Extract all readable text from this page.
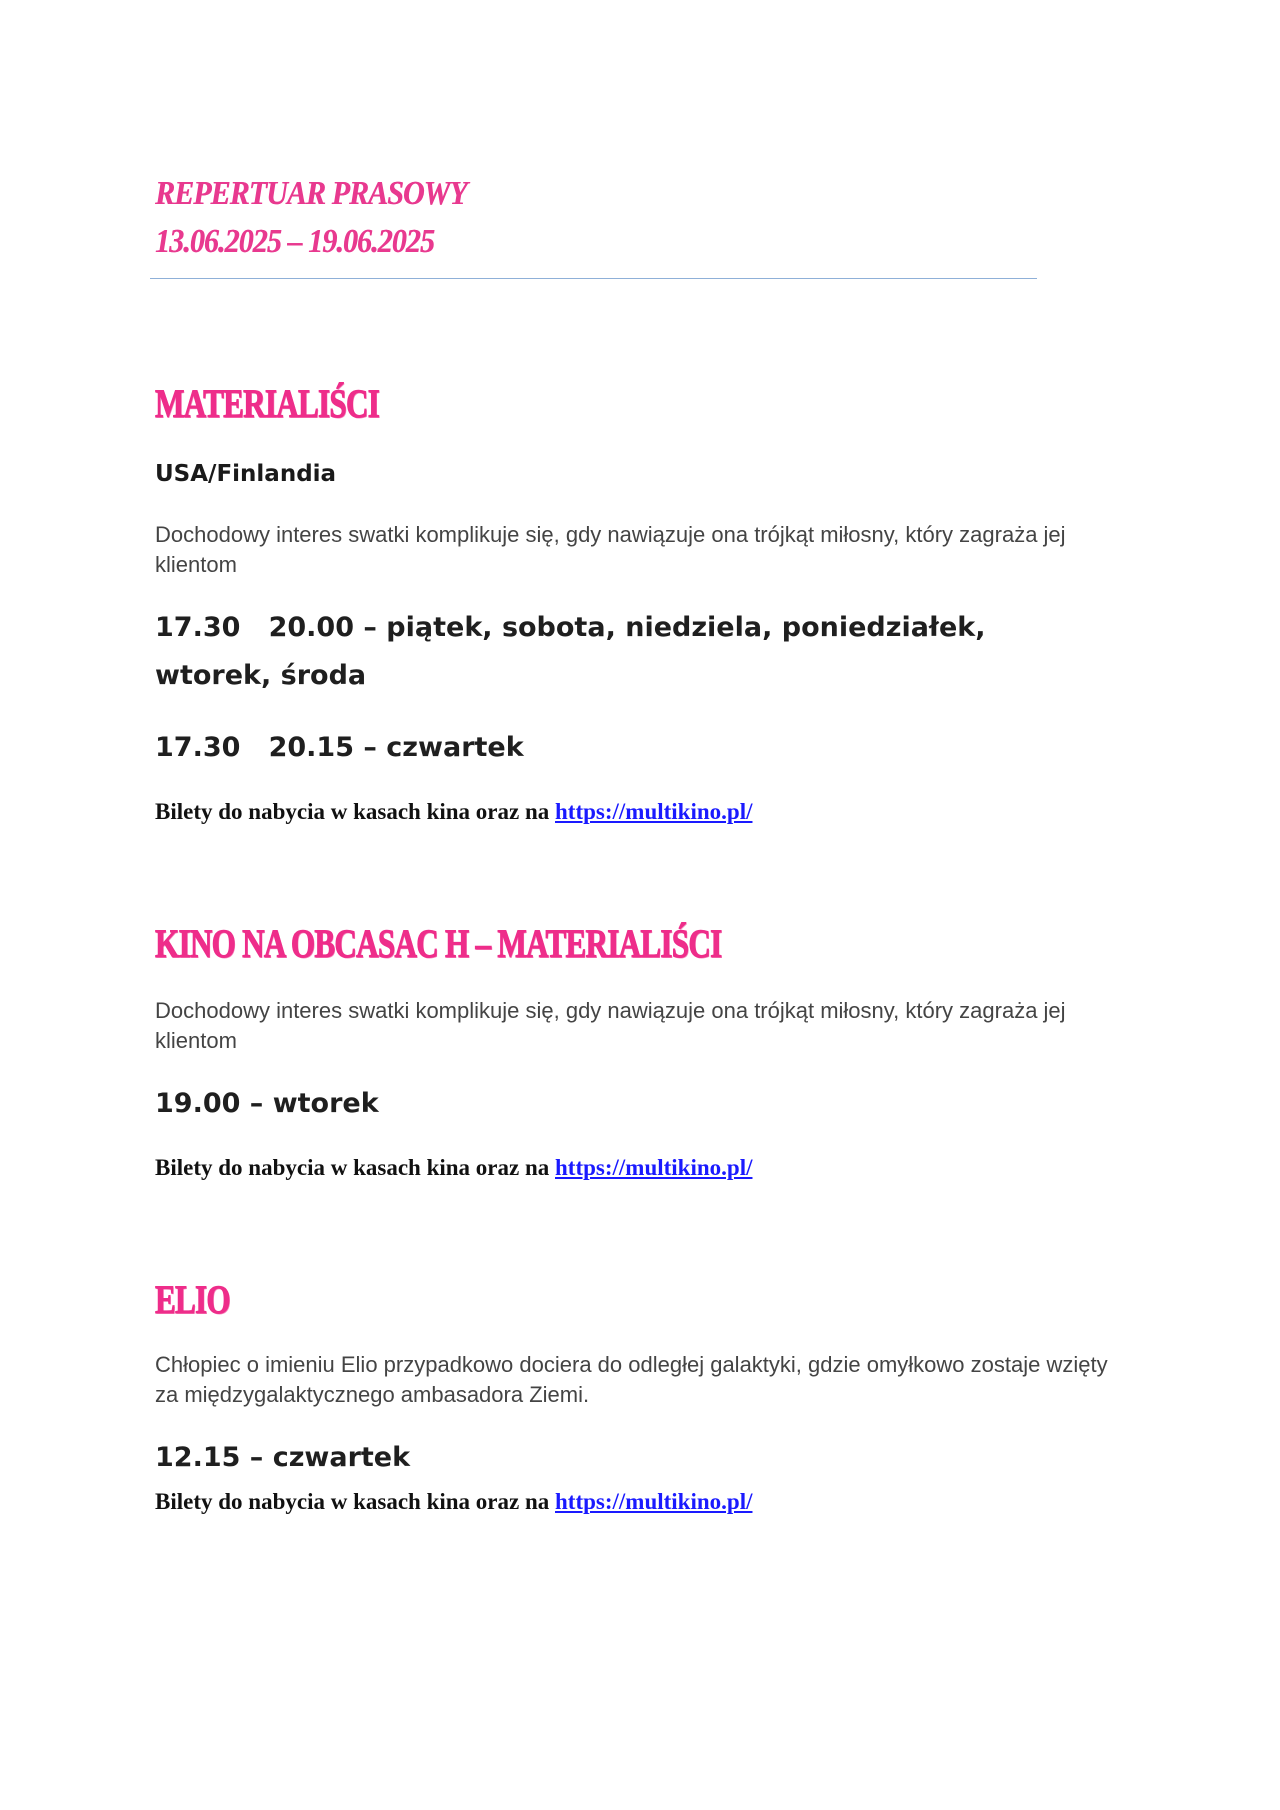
REPERTUAR PRASOWY
13.06.2025 – 19.06.2025
MATERIALIŚCI
USA/Finlandia
Dochodowy interes swatki komplikuje się, gdy nawiązuje ona trójkąt miłosny, który zagraża jej klientom
17.30   20.00 – piątek, sobota, niedziela, poniedziałek, wtorek, środa
17.30   20.15 – czwartek
Bilety do nabycia w kasach kina oraz na https://multikino.pl/
KINO NA OBCASAC H – MATERIALIŚCI
Dochodowy interes swatki komplikuje się, gdy nawiązuje ona trójkąt miłosny, który zagraża jej klientom
19.00 – wtorek
Bilety do nabycia w kasach kina oraz na https://multikino.pl/
ELIO
Chłopiec o imieniu Elio przypadkowo dociera do odległej galaktyki, gdzie omyłkowo zostaje wzięty za międzygalaktycznego ambasadora Ziemi.
12.15 – czwartek
Bilety do nabycia w kasach kina oraz na https://multikino.pl/
